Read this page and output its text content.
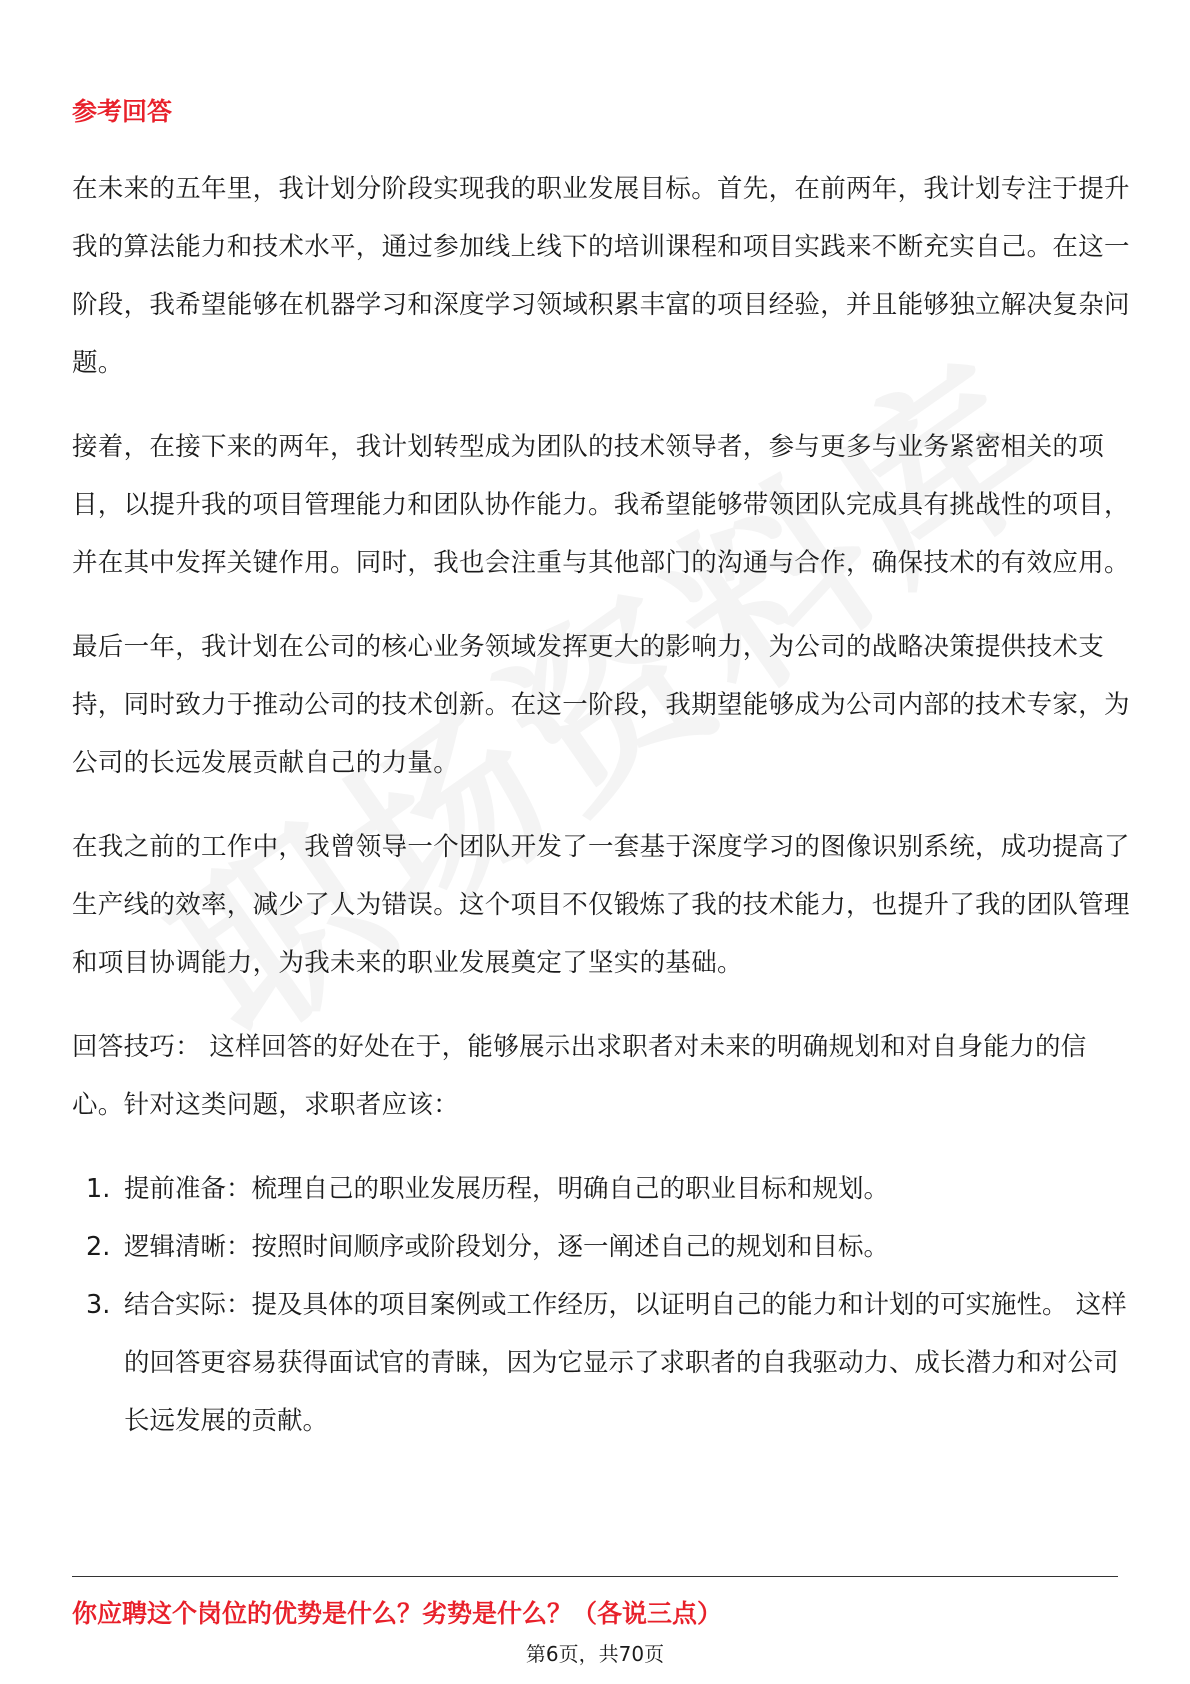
参考回答

在未来的五年里，我计划分阶段实现我的职业发展目标。首先，在前两年，我计划专注于提升我的算法能力和技术水平，通过参加线上线下的培训课程和项目实践来不断充实自己。在这一阶段，我希望能够在机器学习和深度学习领域积累丰富的项目经验，并且能够独立解决复杂问题。

接着，在接下来的两年，我计划转型成为团队的技术领导者，参与更多与业务紧密相关的项目，以提升我的项目管理能力和团队协作能力。我希望能够带领团队完成具有挑战性的项目，并在其中发挥关键作用。同时，我也会注重与其他部门的沟通与合作，确保技术的有效应用。

最后一年，我计划在公司的核心业务领域发挥更大的影响力，为公司的战略决策提供技术支持，同时致力于推动公司的技术创新。在这一阶段，我期望能够成为公司内部的技术专家，为公司的长远发展贡献自己的力量。

在我之前的工作中，我曾领导一个团队开发了一套基于深度学习的图像识别系统，成功提高了生产线的效率，减少了人为错误。这个项目不仅锻炼了我的技术能力，也提升了我的团队管理和项目协调能力，为我未来的职业发展奠定了坚实的基础。

回答技巧： 这样回答的好处在于，能够展示出求职者对未来的明确规划和对自身能力的信心。针对这类问题，求职者应该：

1. 提前准备：梳理自己的职业发展历程，明确自己的职业目标和规划。
2. 逻辑清晰：按照时间顺序或阶段划分，逐一阐述自己的规划和目标。
3. 结合实际：提及具体的项目案例或工作经历，以证明自己的能力和计划的可实施性。 这样的回答更容易获得面试官的青睐，因为它显示了求职者的自我驱动力、成长潜力和对公司长远发展的贡献。
你应聘这个岗位的优势是什么？劣势是什么？（各说三点）
第6页，共70页
